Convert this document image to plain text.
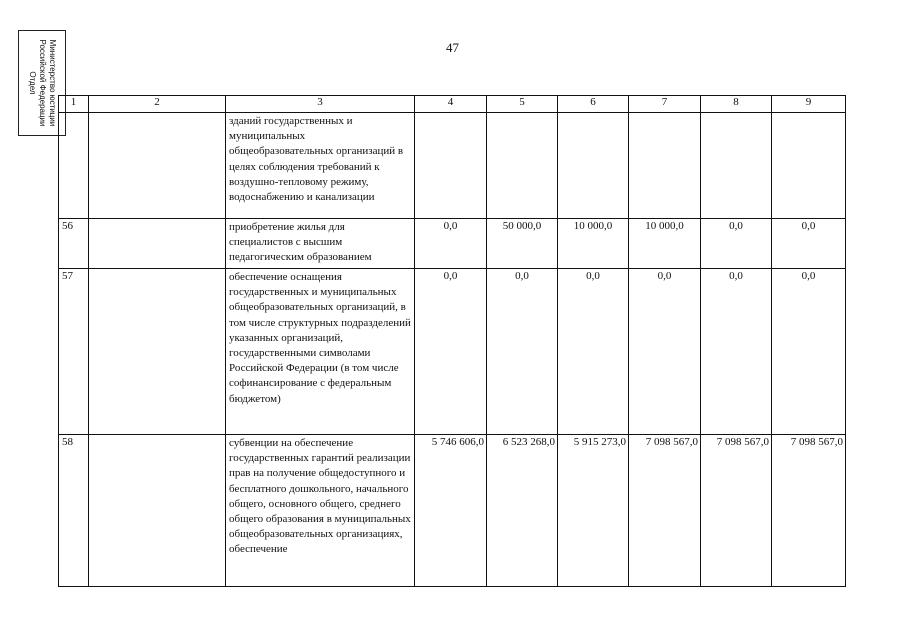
47
Министерство юстиции
Российской Федерации
Отдел
1	2	3	4	5	6	7	8	9
		зданий государственных и муниципальных общеобразовательных организаций в целях соблюдения требований к воздушно-тепловому режиму, водоснабжению и канализации						
56		приобретение жилья для специалистов с высшим педагогическим образованием	0,0	50 000,0	10 000,0	10 000,0	0,0	0,0
57		обеспечение оснащения государственных и муниципальных общеобразовательных организаций, в том числе структурных подразделений указанных организаций, государственными символами Российской Федерации (в том числе софинансирование с федеральным бюджетом)	0,0	0,0	0,0	0,0	0,0	0,0
58		субвенции на обеспечение государственных гарантий реализации прав на получение общедоступного и бесплатного дошкольного, начального общего, основного общего, среднего общего образования в муниципальных общеобразовательных организациях, обеспечение	5 746 606,0	6 523 268,0	5 915 273,0	7 098 567,0	7 098 567,0	7 098 567,0
